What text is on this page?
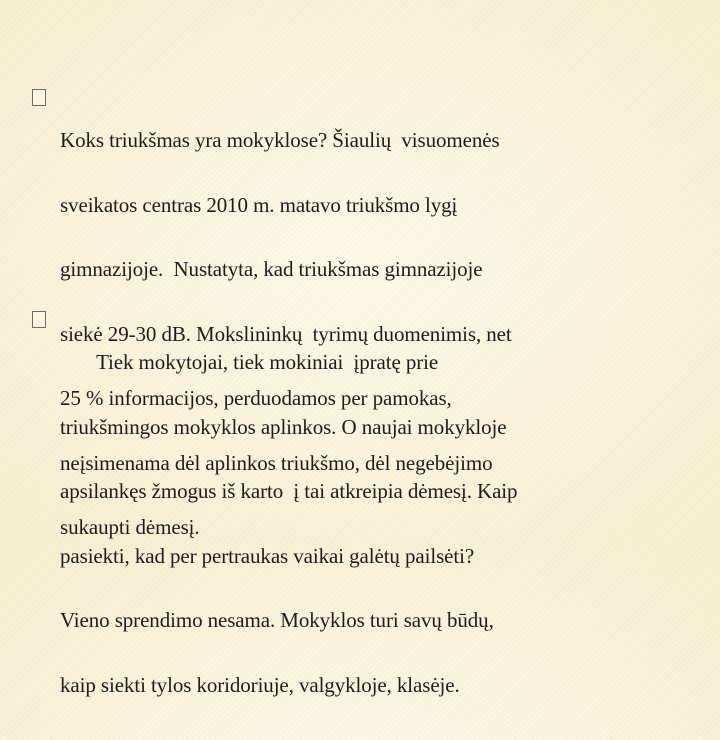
Koks triukšmas yra mokyklose? Šiaulių  visuomenės

sveikatos centras 2010 m. matavo triukšmo lygį

gimnazijoje.  Nustatyta, kad triukšmas gimnazijoje

siekė 29-30 dB. Mokslininkų  tyrimų duomenimis, net

25 % informacijos, perduodamos per pamokas,

neįsimenama dėl aplinkos triukšmo, dėl negebėjimo

sukaupti dėmesį.

Tiek mokytojai, tiek mokiniai  įpratę prie

triukšmingos mokyklos aplinkos. O naujai mokykloje

apsilankęs žmogus iš karto  į tai atkreipia dėmesį. Kaip

pasiekti, kad per pertraukas vaikai galėtų pailsėti?

Vieno sprendimo nesama. Mokyklos turi savų būdų,

kaip siekti tylos koridoriuje, valgykloje, klasėje.
